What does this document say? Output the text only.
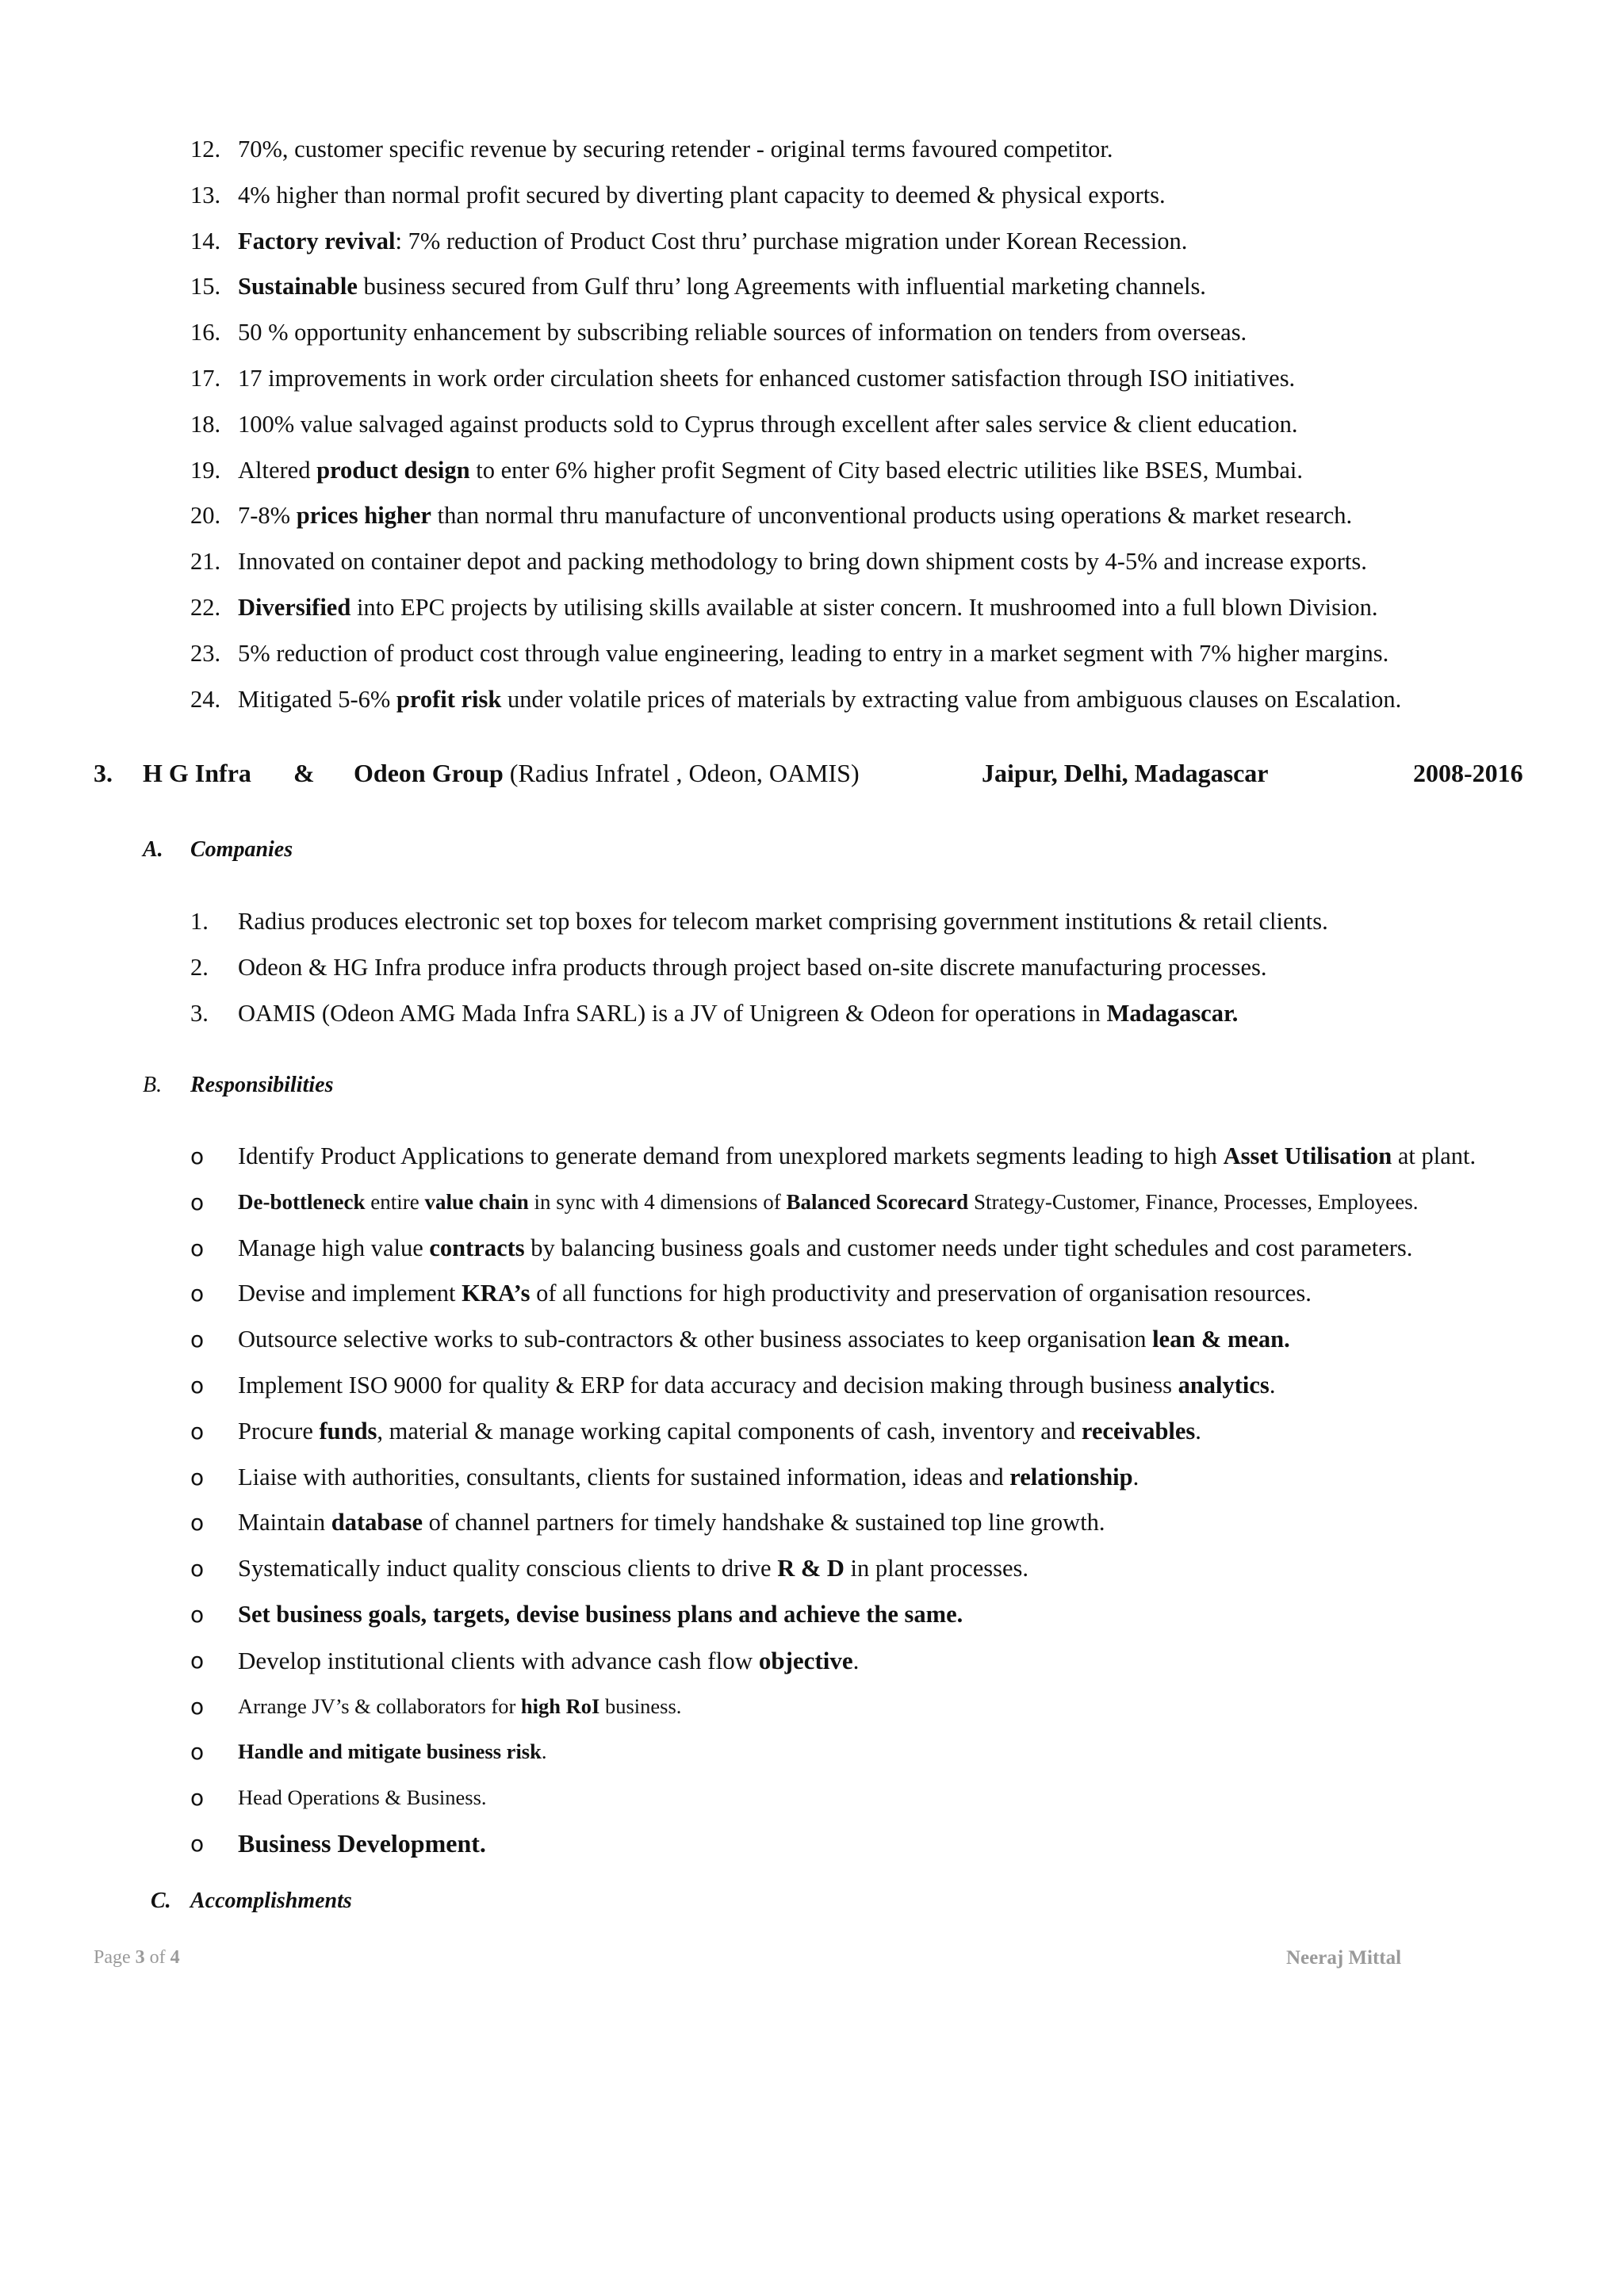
12. 70%, customer specific revenue by securing retender - original terms favoured competitor.
13. 4% higher than normal profit secured by diverting plant capacity to deemed & physical exports.
14. Factory revival: 7% reduction of Product Cost thru’ purchase migration under Korean Recession.
15. Sustainable business secured from Gulf thru’ long Agreements with influential marketing channels.
16. 50 % opportunity enhancement by subscribing reliable sources of information on tenders from overseas.
17. 17 improvements in work order circulation sheets for enhanced customer satisfaction through ISO initiatives.
18. 100% value salvaged against products sold to Cyprus through excellent after sales service & client education.
19. Altered product design to enter 6% higher profit Segment of City based electric utilities like BSES, Mumbai.
20. 7-8% prices higher than normal thru manufacture of unconventional products using operations & market research.
21. Innovated on container depot and packing methodology to bring down shipment costs by 4-5% and increase exports.
22. Diversified into EPC projects by utilising skills available at sister concern. It mushroomed into a full blown Division.
23. 5% reduction of product cost through value engineering, leading to entry in a market segment with 7% higher margins.
24. Mitigated 5-6% profit risk under volatile prices of materials by extracting value from ambiguous clauses on Escalation.
3. H G Infra & Odeon Group (Radius Infratel , Odeon, OAMIS)	Jaipur, Delhi, Madagascar	2008-2016
A. Companies
1. Radius produces electronic set top boxes for telecom market comprising government institutions & retail clients.
2. Odeon & HG Infra produce infra products through project based on-site discrete manufacturing processes.
3. OAMIS (Odeon AMG Mada Infra SARL) is a JV of Unigreen & Odeon for operations in Madagascar.
B. Responsibilities
o Identify Product Applications to generate demand from unexplored markets segments leading to high Asset Utilisation at plant.
o De-bottleneck entire value chain in sync with 4 dimensions of Balanced Scorecard Strategy-Customer, Finance, Processes, Employees.
o Manage high value contracts by balancing business goals and customer needs under tight schedules and cost parameters.
o Devise and implement KRA’s of all functions for high productivity and preservation of organisation resources.
o Outsource selective works to sub-contractors & other business associates to keep organisation lean & mean.
o Implement ISO 9000 for quality & ERP for data accuracy and decision making through business analytics.
o Procure funds, material & manage working capital components of cash, inventory and receivables.
o Liaise with authorities, consultants, clients for sustained information, ideas and relationship.
o Maintain database of channel partners for timely handshake & sustained top line growth.
o Systematically induct quality conscious clients to drive R & D in plant processes.
o Set business goals, targets, devise business plans and achieve the same.
o Develop institutional clients with advance cash flow objective.
o Arrange JV’s & collaborators for high RoI business.
o Handle and mitigate business risk.
o Head Operations & Business.
o Business Development.
C. Accomplishments
Page 3 of 4	Neeraj Mittal
